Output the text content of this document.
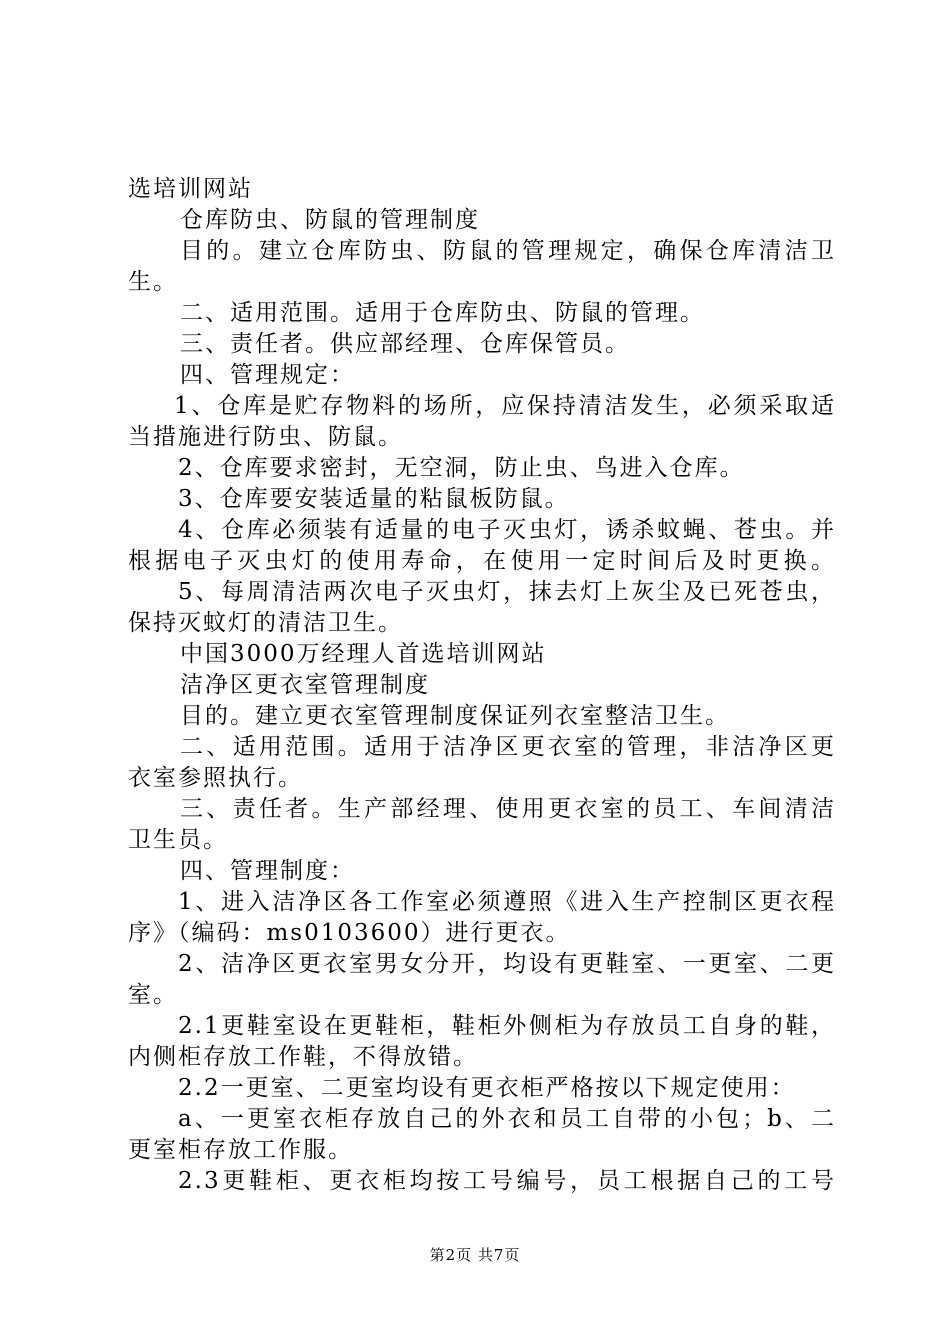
选培训网站
仓库防虫、防鼠的管理制度
目的。建立仓库防虫、防鼠的管理规定，确保仓库清洁卫
生。
二、适用范围。适用于仓库防虫、防鼠的管理。
三、责任者。供应部经理、仓库保管员。
四、管理规定：
1、仓库是贮存物料的场所，应保持清洁发生，必须采取适
当措施进行防虫、防鼠。
2、仓库要求密封，无空洞，防止虫、鸟进入仓库。
3、仓库要安装适量的粘鼠板防鼠。
4、仓库必须装有适量的电子灭虫灯，诱杀蚊蝇、苍虫。并
根据电子灭虫灯的使用寿命，在使用一定时间后及时更换。
5、每周清洁两次电子灭虫灯，抹去灯上灰尘及已死苍虫，
保持灭蚊灯的清洁卫生。
中国3000万经理人首选培训网站
洁净区更衣室管理制度
目的。建立更衣室管理制度保证列衣室整洁卫生。
二、适用范围。适用于洁净区更衣室的管理，非洁净区更
衣室参照执行。
三、责任者。生产部经理、使用更衣室的员工、车间清洁
卫生员。
四、管理制度：
1、进入洁净区各工作室必须遵照《进入生产控制区更衣程
序》（编码：ms0103600）进行更衣。
2、洁净区更衣室男女分开，均设有更鞋室、一更室、二更
室。
2.1更鞋室设在更鞋柜，鞋柜外侧柜为存放员工自身的鞋，
内侧柜存放工作鞋，不得放错。
2.2一更室、二更室均设有更衣柜严格按以下规定使用：
a、一更室衣柜存放自己的外衣和员工自带的小包；b、二
更室柜存放工作服。
2.3更鞋柜、更衣柜均按工号编号，员工根据自己的工号
第2页 共7页
